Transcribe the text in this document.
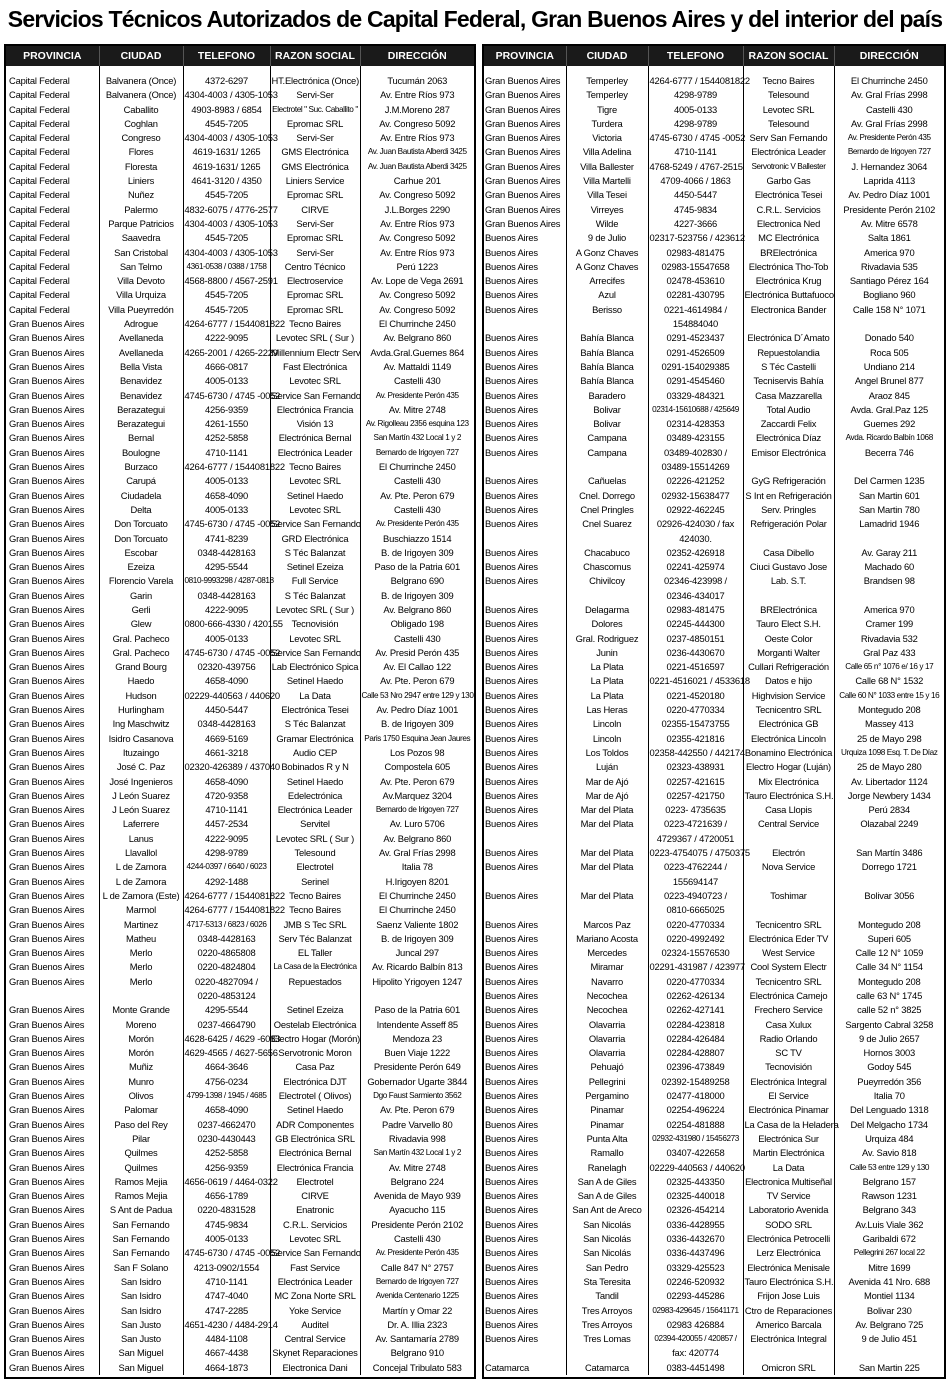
Servicios Técnicos Autorizados de Capital Federal, Gran Buenos Aires y del interior del país
PROVINCIA	CIUDAD	TELEFONO	RAZON SOCIAL	DIRECCIÓN

Capital Federal	Balvanera (Once)	4372-6297	HT.Electrónica (Once)	Tucumán 2063
Capital Federal	Balvanera (Once)	4304-4003 / 4305-1053	Servi-Ser	Av. Entre Ríos 973
Capital Federal	Caballito	4903-8983 / 6854	Electrotel " Suc. Caballito "	J.M.Moreno 287
Capital Federal	Coghlan	4545-7205	Epromac SRL	Av. Congreso 5092
Capital Federal	Congreso	4304-4003 / 4305-1053	Servi-Ser	Av. Entre Ríos 973
Capital Federal	Flores	4619-1631/ 1265	GMS Electrónica	Av. Juan Bautista Alberdi 3425
Capital Federal	Floresta	4619-1631/ 1265	GMS Electrónica	Av. Juan Bautista Alberdi 3425
Capital Federal	Liniers	4641-3120 / 4350	Liniers Service	Carhue 201
Capital Federal	Nuñez	4545-7205	Epromac SRL	Av. Congreso 5092
Capital Federal	Palermo	4832-6075 / 4776-2577	CIRVE	J.L.Borges 2290
Capital Federal	Parque Patricios	4304-4003 / 4305-1053	Servi-Ser	Av. Entre Ríos 973
Capital Federal	Saavedra	4545-7205	Epromac SRL	Av. Congreso 5092
Capital Federal	San Cristobal	4304-4003 / 4305-1053	Servi-Ser	Av. Entre Ríos 973
Capital Federal	San Telmo	4361-0538 / 0388 / 1758	Centro Técnico	Perú 1223
Capital Federal	Villa Devoto	4568-8800 / 4567-2591	Electroservice	Av. Lope de Vega 2691
Capital Federal	Villa Urquiza	4545-7205	Epromac SRL	Av. Congreso 5092
Capital Federal	Villa Pueyrredón	4545-7205	Epromac SRL	Av. Congreso 5092
Gran Buenos Aires	Adrogue	4264-6777 / 1544081822	Tecno Baires	El Churrinche 2450
Gran Buenos Aires	Avellaneda	4222-9095	Levotec SRL ( Sur )	Av. Belgrano 860
Gran Buenos Aires	Avellaneda	4265-2001 / 4265-2229	Millennium Electr Serv	Avda.Gral.Guemes 864
Gran Buenos Aires	Bella Vista	4666-0817	Fast Electrónica	Av. Mattaldi 1149
Gran Buenos Aires	Benavidez	4005-0133	Levotec SRL	Castelli 430
Gran Buenos Aires	Benavidez	4745-6730 / 4745 -0052	Service San Fernando	Av. Presidente Perón 435
Gran Buenos Aires	Berazategui	4256-9359	Electrónica Francia	Av. Mitre 2748
Gran Buenos Aires	Berazategui	4261-1550	Visión 13	Av. Rigolleau 2356 esquina 123
Gran Buenos Aires	Bernal	4252-5858	Electrónica Bernal	San Martín 432 Local 1 y 2
Gran Buenos Aires	Boulogne	4710-1141	Electrónica Leader	Bernardo de Irigoyen 727
Gran Buenos Aires	Burzaco	4264-6777 / 1544081822	Tecno Baires	El Churrinche 2450
Gran Buenos Aires	Carupá	4005-0133	Levotec SRL	Castelli 430
Gran Buenos Aires	Ciudadela	4658-4090	Setinel Haedo	Av. Pte. Peron 679
Gran Buenos Aires	Delta	4005-0133	Levotec SRL	Castelli 430
Gran Buenos Aires	Don Torcuato	4745-6730 / 4745 -0052	Service San Fernando	Av. Presidente Perón 435
Gran Buenos Aires	Don Torcuato	4741-8239	GRD Electrónica	Buschiazzo 1514
Gran Buenos Aires	Escobar	0348-4428163	S Téc Balanzat	B. de Irigoyen 309
Gran Buenos Aires	Ezeiza	4295-5544	Setinel Ezeiza	Paso de la Patria 601
Gran Buenos Aires	Florencio Varela	0810-9993298 / 4287-0818	Full Service	Belgrano 690
Gran Buenos Aires	Garin	0348-4428163	S Téc Balanzat	B. de Irigoyen 309
Gran Buenos Aires	Gerli	4222-9095	Levotec SRL ( Sur )	Av. Belgrano 860
Gran Buenos Aires	Glew	0800-666-4330 / 420155	Tecnovisión	Obligado 198
Gran Buenos Aires	Gral. Pacheco	4005-0133	Levotec SRL	Castelli 430
Gran Buenos Aires	Gral. Pacheco	4745-6730 / 4745 -0052	Service San Fernando	Av. Presid Perón 435
Gran Buenos Aires	Grand Bourg	02320-439756	Lab Electrónico Spica	Av. El Callao 122
Gran Buenos Aires	Haedo	4658-4090	Setinel Haedo	Av. Pte. Peron 679
Gran Buenos Aires	Hudson	02229-440563 / 440620	La Data	Calle 53 Nro 2947 entre 129 y 130
Gran Buenos Aires	Hurlingham	4450-5447	Electrónica Tesei	Av. Pedro Díaz 1001
Gran Buenos Aires	Ing Maschwitz	0348-4428163	S Téc Balanzat	B. de Irigoyen 309
Gran Buenos Aires	Isidro Casanova	4669-5169	Gramar Electrónica	Paris 1750 Esquina Jean Jaures
Gran Buenos Aires	Ituzaingo	4661-3218	Audio CEP	Los Pozos 98
Gran Buenos Aires	José C. Paz	02320-426389 / 437040	Bobinados R y N	Compostela 605
Gran Buenos Aires	José Ingenieros	4658-4090	Setinel Haedo	Av. Pte. Peron 679
Gran Buenos Aires	J León Suarez	4720-9358	Edelectrónica	Av.Marquez 3204
Gran Buenos Aires	J León Suarez	4710-1141	Electrónica Leader	Bernardo de Irigoyen 727
Gran Buenos Aires	Laferrere	4457-2534	Servitel	Av. Luro 5706
Gran Buenos Aires	Lanus	4222-9095	Levotec SRL ( Sur )	Av. Belgrano 860
Gran Buenos Aires	Llavallol	4298-9789	Telesound	Av. Gral Frías 2998
Gran Buenos Aires	L de Zamora	4244-0397 / 6640 / 6023	Electrotel	Italia 78
Gran Buenos Aires	L de Zamora	4292-1488	Serinel	H.Irigoyen 8201
Gran Buenos Aires	L de Zamora (Este)	4264-6777 / 1544081822	Tecno Baires	El Churrinche 2450
Gran Buenos Aires	Marmol	4264-6777 / 1544081822	Tecno Baires	El Churrinche 2450
Gran Buenos Aires	Martinez	4717-5313 / 6823 / 6026	JMB S Tec SRL	Saenz Valiente 1802
Gran Buenos Aires	Matheu	0348-4428163	Serv Téc Balanzat	B. de Irigoyen 309
Gran Buenos Aires	Merlo	0220-4865808	EL Taller	Juncal 297
Gran Buenos Aires	Merlo	0220-4824804	La Casa de la Electrónica	Av. Ricardo Balbín 813
Gran Buenos Aires	Merlo	0220-4827094 /	Repuestados	Hipolito Yrigoyen 1247
		0220-4853124		
Gran Buenos Aires	Monte Grande	4295-5544	Setinel Ezeiza	Paso de la Patria 601
Gran Buenos Aires	Moreno	0237-4664790	Oestelab Electrónica	Intendente Asseff 85
Gran Buenos Aires	Morón	4628-6425 / 4629 -6083	Electro Hogar (Morón)	Mendoza 23
Gran Buenos Aires	Morón	4629-4565 / 4627-5656	Servotronic Moron	Buen Viaje 1222
Gran Buenos Aires	Muñiz	4664-3646	Casa Paz	Presidente Perón 649
Gran Buenos Aires	Munro	4756-0234	Electrónica DJT	Gobernador Ugarte 3844
Gran Buenos Aires	Olivos	4799-1398 / 1945 / 4685	Electrotel ( Olivos)	Dgo Faust Sarmiento 3562
Gran Buenos Aires	Palomar	4658-4090	Setinel Haedo	Av. Pte. Peron 679
Gran Buenos Aires	Paso del Rey	0237-4662470	ADR Componentes	Padre Varvello 80
Gran Buenos Aires	Pilar	0230-4430443	GB Electrónica SRL	Rivadavia 998
Gran Buenos Aires	Quilmes	4252-5858	Electrónica Bernal	San Martín 432 Local 1 y 2
Gran Buenos Aires	Quilmes	4256-9359	Electrónica Francia	Av. Mitre 2748
Gran Buenos Aires	Ramos Mejia	4656-0619 / 4464-0322	Electrotel	Belgrano 224
Gran Buenos Aires	Ramos Mejia	4656-1789	CIRVE	Avenida de Mayo 939
Gran Buenos Aires	S Ant de Padua	0220-4831528	Enatronic	Ayacucho 115
Gran Buenos Aires	San Fernando	4745-9834	C.R.L. Servicios	Presidente Perón 2102
Gran Buenos Aires	San Fernando	4005-0133	Levotec SRL	Castelli 430
Gran Buenos Aires	San Fernando	4745-6730 / 4745 -0052	Service San Fernando	Av. Presidente Perón 435
Gran Buenos Aires	San F Solano	4213-0902/1554	Fast Service	Calle 847 N° 2757
Gran Buenos Aires	San Isidro	4710-1141	Electrónica Leader	Bernardo de Irigoyen 727
Gran Buenos Aires	San Isidro	4747-4040	MC Zona Norte SRL	Avenida Centenario 1225
Gran Buenos Aires	San Isidro	4747-2285	Yoke Service	Martín y Omar 22
Gran Buenos Aires	San Justo	4651-4230 / 4484-2914	Auditel	Dr. A. Illia 2323
Gran Buenos Aires	San Justo	4484-1108	Central Service	Av. Santamaría 2789
Gran Buenos Aires	San Miguel	4667-4438	Skynet Reparaciones	Belgrano 910
Gran Buenos Aires	San Miguel	4664-1873	Electronica Dani	Concejal Tribulato 583
PROVINCIA	CIUDAD	TELEFONO	RAZON SOCIAL	DIRECCIÓN

Gran Buenos Aires	Temperley	4264-6777 / 1544081822	Tecno Baires	El Churrinche 2450
Gran Buenos Aires	Temperley	4298-9789	Telesound	Av. Gral Frías 2998
Gran Buenos Aires	Tigre	4005-0133	Levotec SRL	Castelli 430
Gran Buenos Aires	Turdera	4298-9789	Telesound	Av. Gral Frías 2998
Gran Buenos Aires	Victoria	4745-6730 / 4745 -0052	Serv San Fernando	Av. Presidente Perón 435
Gran Buenos Aires	Villa Adelina	4710-1141	Electrónica Leader	Bernardo de Irigoyen 727
Gran Buenos Aires	Villa Ballester	4768-5249 / 4767-2515	Servotronic V Ballester	J. Hernandez 3064
Gran Buenos Aires	Villa Martelli	4709-4066 / 1863	Garbo Gas	Laprida 4113
Gran Buenos Aires	Villa Tesei	4450-5447	Electrónica Tesei	Av. Pedro Díaz 1001
Gran Buenos Aires	Virreyes	4745-9834	C.R.L. Servicios	Presidente Perón 2102
Gran Buenos Aires	Wilde	4227-3666	Electronica Ned	Av. Mitre 6578
Buenos Aires	9 de Julio	02317-523756 / 423612	MC Electrónica	Salta 1861
Buenos Aires	A Gonz Chaves	02983-481475	BRElectrónica	America 970
Buenos Aires	A Gonz Chaves	02983-15547658	Electrónica Tho-Tob	Rivadavia 535
Buenos Aires	Arrecifes	02478-453610	Electrónica Krug	Santiago Pérez 164
Buenos Aires	Azul	02281-430795	Electrónica Buttafuoco	Bogliano 960
Buenos Aires	Berisso	0221-4614984 /	Electronica Bander	Calle 158 N° 1071
		154884040		
Buenos Aires	Bahía Blanca	0291-4523437	Electrónica D´Amato	Donado 540
Buenos Aires	Bahía Blanca	0291-4526509	Repuestolandia	Roca 505
Buenos Aires	Bahía Blanca	0291-154029385	S Téc Castelli	Undiano 214
Buenos Aires	Bahía Blanca	0291-4545460	Tecniservis Bahía	Angel Brunel 877
Buenos Aires	Baradero	03329-484321	Casa Mazzarella	Araoz 845
Buenos Aires	Bolivar	02314-15610688 / 425649	Total Audio	Avda. Gral.Paz 125
Buenos Aires	Bolivar	02314-428353	Zaccardi Felix	Guemes 292
Buenos Aires	Campana	03489-423155	Electrónica Díaz	Avda. Ricardo Balbín 1068
Buenos Aires	Campana	03489-402830 /	Emisor Electrónica	Becerra 746
		03489-15514269		
Buenos Aires	Cañuelas	02226-421252	GyG Refrigeración	Del Carmen 1235
Buenos Aires	Cnel. Dorrego	02932-15638477	S Int en Refrigeración	San Martin 601
Buenos Aires	Cnel Pringles	02922-462245	Serv. Pringles	San Martin 780
Buenos Aires	Cnel Suarez	02926-424030 / fax	Refrigeración Polar	Lamadrid 1946
		424030.		
Buenos Aires	Chacabuco	02352-426918	Casa Dibello	Av. Garay 211
Buenos Aires	Chascomus	02241-425974	Ciuci Gustavo Jose	Machado 60
Buenos Aires	Chivilcoy	02346-423998 /	Lab. S.T.	Brandsen 98
		02346-434017		
Buenos Aires	Delagarma	02983-481475	BRElectrónica	America 970
Buenos Aires	Dolores	02245-444300	Tauro Elect S.H.	Cramer 199
Buenos Aires	Gral. Rodriguez	0237-4850151	Oeste Color	Rivadavia 532
Buenos Aires	Junin	0236-4430670	Morganti Walter	Gral Paz 433
Buenos Aires	La Plata	0221-4516597	Cullari Refrigeración	Calle 65 n° 1076 e/ 16 y 17
Buenos Aires	La Plata	0221-4516021 / 4533618	Datos e hijo	Calle 68 N° 1532
Buenos Aires	La Plata	0221-4520180	Highvision Service	Calle 60 N° 1033 entre 15 y 16
Buenos Aires	Las Heras	0220-4770334	Tecnicentro SRL	Montegudo 208
Buenos Aires	Lincoln	02355-15473755	Electrónica GB	Massey 413
Buenos Aires	Lincoln	02355-421816	Electrónica Lincoln	25 de Mayo 298
Buenos Aires	Los Toldos	02358-442550 / 442174	Bonamino Electrónica	Urquiza 1098 Esq. T. De Díaz
Buenos Aires	Luján	02323-438931	Electro Hogar (Luján)	25 de Mayo 280
Buenos Aires	Mar de Ajó	02257-421615	Mix Electrónica	Av. Libertador 1124
Buenos Aires	Mar de Ajó	02257-421750	Tauro Electrónica S.H.	Jorge Newbery 1434
Buenos Aires	Mar del Plata	0223- 4735635	Casa Llopis	Perú 2834
Buenos Aires	Mar del Plata	0223-4721639 /	Central Service	Olazabal 2249
		4729367 / 4720051		
Buenos Aires	Mar del Plata	0223-4754075 / 4750375	Electrón	San Martín 3486
Buenos Aires	Mar del Plata	0223-4762244 /	Nova Service	Dorrego 1721
		155694147		
Buenos Aires	Mar del Plata	0223-4940723 /	Toshimar	Bolivar 3056
		0810-6665025		
Buenos Aires	Marcos Paz	0220-4770334	Tecnicentro SRL	Montegudo 208
Buenos Aires	Mariano Acosta	0220-4992492	Electrónica Eder TV	Superi 605
Buenos Aires	Mercedes	02324-15576530	West Service	Calle 12 N° 1059
Buenos Aires	Miramar	02291-431987 / 423977	Cool System Electr	Calle 34 N° 1154
Buenos Aires	Navarro	0220-4770334	Tecnicentro SRL	Montegudo 208
Buenos Aires	Necochea	02262-426134	Electrónica Camejo	calle 63 N° 1745
Buenos Aires	Necochea	02262-427141	Frechero Service	calle 52 n° 3825
Buenos Aires	Olavarria	02284-423818	Casa Xulux	Sargento Cabral 3258
Buenos Aires	Olavarria	02284-426484	Radio Orlando	9 de Julio 2657
Buenos Aires	Olavarria	02284-428807	SC TV	Hornos 3003
Buenos Aires	Pehuajó	02396-473849	Tecnovisión	Godoy 545
Buenos Aires	Pellegrini	02392-15489258	Electrónica Integral	Pueyrredón 356
Buenos Aires	Pergamino	02477-418000	El Service	Italia 70
Buenos Aires	Pinamar	02254-496224	Electrónica Pinamar	Del Lenguado 1318
Buenos Aires	Pinamar	02254-481888	La Casa de la Heladera	Del Melgacho 1734
Buenos Aires	Punta Alta	02932-431980 / 15456273	Electrónica Sur	Urquiza 484
Buenos Aires	Ramallo	03407-422658	Martin Electrónica	Av. Savio 818
Buenos Aires	Ranelagh	02229-440563 / 440620	La Data	Calle 53 entre 129 y 130
Buenos Aires	San A de Giles	02325-443350	Electronica Multiseñal	Belgrano 157
Buenos Aires	San A de Giles	02325-440018	TV Service	Rawson 1231
Buenos Aires	San Ant de Areco	02326-454214	Laboratorio Avenida	Belgrano 343
Buenos Aires	San Nicolás	0336-4428955	SODO SRL	Av.Luis Viale 362
Buenos Aires	San Nicolás	0336-4432670	Electrónica Petrocelli	Garibaldi 672
Buenos Aires	San Nicolás	0336-4437496	Lerz Electrónica	Pellegrini 267 local 22
Buenos Aires	San Pedro	03329-425523	Electrónica Menisale	Mitre 1699
Buenos Aires	Sta Teresita	02246-520932	Tauro Electrónica S.H.	Avenida 41 Nro. 688
Buenos Aires	Tandil	02293-445286	Frijon Jose Luis	Montiel 1134
Buenos Aires	Tres Arroyos	02983-429645 / 15641171	Ctro de Reparaciones	Bolivar 230
Buenos Aires	Tres Arroyos	02983 426884	Americo Barcala	Av. Belgrano 725
Buenos Aires	Tres Lomas	02394-420055 / 420857 /	Electrónica Integral	9 de Julio 451
		fax: 420774		
Catamarca	Catamarca	0383-4451498	Omicron SRL	San Martin 225
